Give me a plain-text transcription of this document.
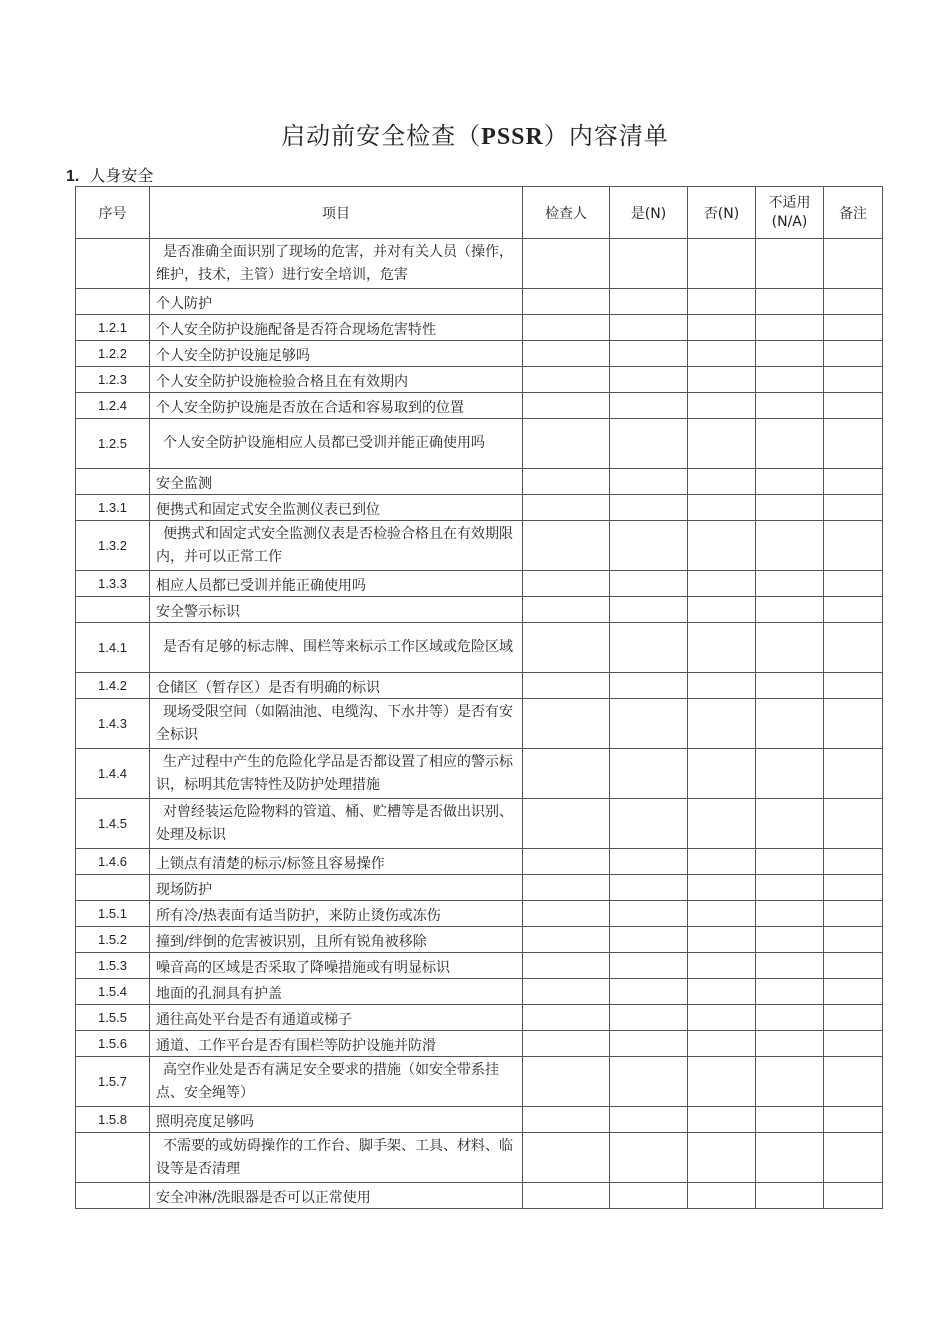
启动前安全检查（PSSR）内容清单
1. 人身安全
序号	项目	检查人	是(N)	否(N)	不适用(N/A)	备注

	是否准确全面识别了现场的危害，并对有关人员（操作，维护，技术，主管）进行安全培训，危害					

	个人防护					

1.2.1	个人安全防护设施配备是否符合现场危害特性					

1.2.2	个人安全防护设施足够吗					

1.2.3	个人安全防护设施检验合格且在有效期内					

1.2.4	个人安全防护设施是否放在合适和容易取到的位置					

1.2.5	个人安全防护设施相应人员都已受训并能正确使用吗					

	安全监测					

1.3.1	便携式和固定式安全监测仪表已到位					

1.3.2	便携式和固定式安全监测仪表是否检验合格且在有效期限内，并可以正常工作					

1.3.3	相应人员都已受训并能正确使用吗					

	安全警示标识					

1.4.1	是否有足够的标志牌、围栏等来标示工作区域或危险区域					

1.4.2	仓储区（暂存区）是否有明确的标识					

1.4.3	现场受限空间（如隔油池、电缆沟、下水井等）是否有安全标识					

1.4.4	生产过程中产生的危险化学品是否都设置了相应的警示标识，标明其危害特性及防护处理措施					

1.4.5	对曾经装运危险物料的管道、桶、贮槽等是否做出识别、处理及标识					

1.4.6	上锁点有清楚的标示/标签且容易操作					

	现场防护					

1.5.1	所有冷/热表面有适当防护，来防止烫伤或冻伤					

1.5.2	撞到/绊倒的危害被识别，且所有锐角被移除					

1.5.3	噪音高的区域是否采取了降噪措施或有明显标识					

1.5.4	地面的孔洞具有护盖					

1.5.5	通往高处平台是否有通道或梯子					

1.5.6	通道、工作平台是否有围栏等防护设施并防滑					

1.5.7	高空作业处是否有满足安全要求的措施（如安全带系挂点、安全绳等）					

1.5.8	照明亮度足够吗					

	不需要的或妨碍操作的工作台、脚手架、工具、材料、临设等是否清理					

	安全冲淋/洗眼器是否可以正常使用					
